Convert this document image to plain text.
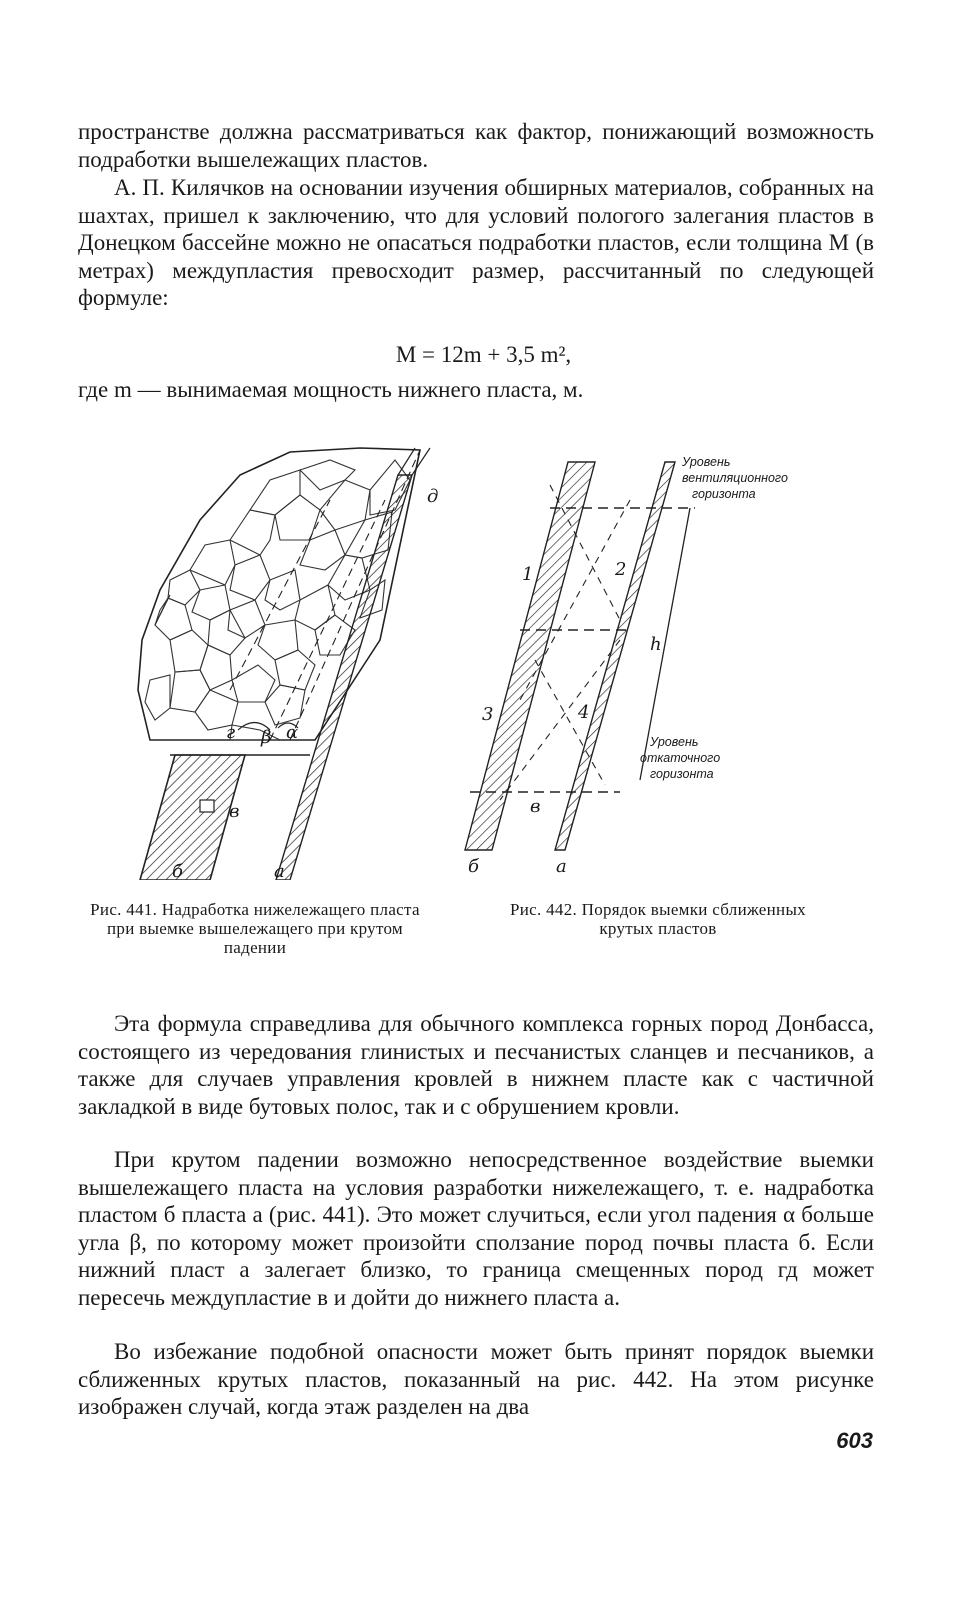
пространстве должна рассматриваться как фактор, понижающий возможность подработки вышележащих пластов.

А. П. Килячков на основании изучения обширных материалов, собранных на шахтах, пришел к заключению, что для условий пологого залегания пластов в Донецком бассейне можно не опасаться подработки пластов, если толщина М (в метрах) междупластия превосходит размер, рассчитанный по следующей формуле:

M = 12m + 3,5 m²,

где m — вынимаемая мощность нижнего пласта, м.

д
г β α
в
б	а
1	2
3	4
h
в
б	а
Уровень
вентиляционного
горизонта
Уровень
откаточного
горизонта
Рис. 441. Надработка нижележащего пласта при выемке вышележащего при крутом падении
Рис. 442. Порядок выемки сближенных крутых пластов

Эта формула справедлива для обычного комплекса горных пород Донбасса, состоящего из чередования глинистых и песчанистых сланцев и песчаников, а также для случаев управления кровлей в нижнем пласте как с частичной закладкой в виде бутовых полос, так и с обрушением кровли.

При крутом падении возможно непосредственное воздействие выемки вышележащего пласта на условия разработки нижележащего, т. е. надработка пластом б пласта а (рис. 441). Это может случиться, если угол падения α больше угла β, по которому может произойти сползание пород почвы пласта б. Если нижний пласт а залегает близко, то граница смещенных пород гд может пересечь междупластие в и дойти до нижнего пласта а.

Во избежание подобной опасности может быть принят порядок выемки сближенных крутых пластов, показанный на рис. 442. На этом рисунке изображен случай, когда этаж разделен на два

603
